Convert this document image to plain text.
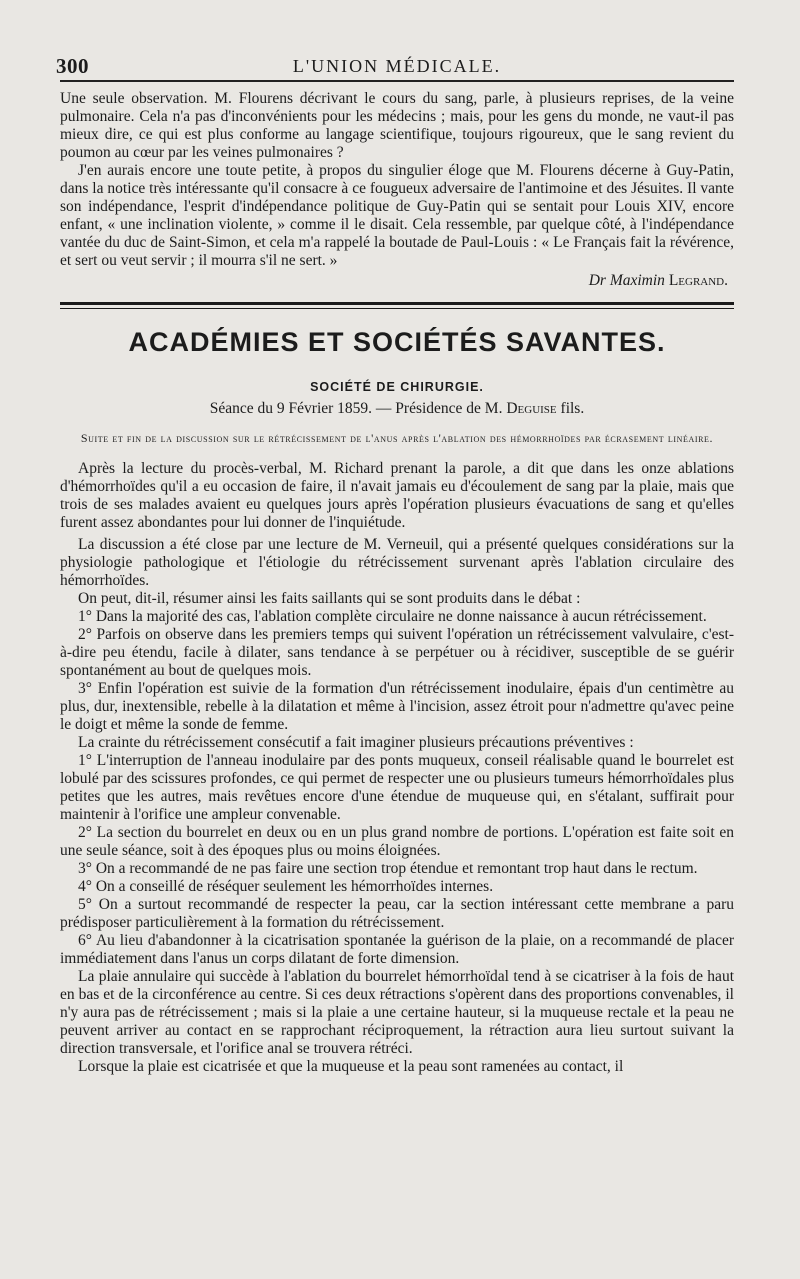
300	L'UNION MÉDICALE.

Une seule observation. M. Flourens décrivant le cours du sang, parle, à plusieurs reprises, de la veine pulmonaire. Cela n'a pas d'inconvénients pour les médecins ; mais, pour les gens du monde, ne vaut-il pas mieux dire, ce qui est plus conforme au langage scientifique, toujours rigoureux, que le sang revient du poumon au cœur par les veines pulmonaires ?

J'en aurais encore une toute petite, à propos du singulier éloge que M. Flourens décerne à Guy-Patin, dans la notice très intéressante qu'il consacre à ce fougueux adversaire de l'antimoine et des Jésuites. Il vante son indépendance, l'esprit d'indépendance politique de Guy-Patin qui se sentait pour Louis XIV, encore enfant, « une inclination violente, » comme il le disait. Cela ressemble, par quelque côté, à l'indépendance vantée du duc de Saint-Simon, et cela m'a rappelé la boutade de Paul-Louis : « Le Français fait la révérence, et sert ou veut servir ; il mourra s'il ne sert. »

Dr Maximin Legrand.
ACADÉMIES ET SOCIÉTÉS SAVANTES.
SOCIÉTÉ DE CHIRURGIE.
Séance du 9 Février 1859. — Présidence de M. Deguise fils.
Suite et fin de la discussion sur le rétrécissement de l'anus après l'ablation des hémorrhoïdes par écrasement linéaire.

Après la lecture du procès-verbal, M. Richard prenant la parole, a dit que dans les onze ablations d'hémorrhoïdes qu'il a eu occasion de faire, il n'avait jamais eu d'écoulement de sang par la plaie, mais que trois de ses malades avaient eu quelques jours après l'opération plusieurs évacuations de sang et qu'elles furent assez abondantes pour lui donner de l'inquiétude.

La discussion a été close par une lecture de M. Verneuil, qui a présenté quelques considérations sur la physiologie pathologique et l'étiologie du rétrécissement survenant après l'ablation circulaire des hémorrhoïdes.

On peut, dit-il, résumer ainsi les faits saillants qui se sont produits dans le débat :

1° Dans la majorité des cas, l'ablation complète circulaire ne donne naissance à aucun rétrécissement.

2° Parfois on observe dans les premiers temps qui suivent l'opération un rétrécissement valvulaire, c'est-à-dire peu étendu, facile à dilater, sans tendance à se perpétuer ou à récidiver, susceptible de se guérir spontanément au bout de quelques mois.

3° Enfin l'opération est suivie de la formation d'un rétrécissement inodulaire, épais d'un centimètre au plus, dur, inextensible, rebelle à la dilatation et même à l'incision, assez étroit pour n'admettre qu'avec peine le doigt et même la sonde de femme.

La crainte du rétrécissement consécutif a fait imaginer plusieurs précautions préventives :

1° L'interruption de l'anneau inodulaire par des ponts muqueux, conseil réalisable quand le bourrelet est lobulé par des scissures profondes, ce qui permet de respecter une ou plusieurs tumeurs hémorrhoïdales plus petites que les autres, mais revêtues encore d'une étendue de muqueuse qui, en s'étalant, suffirait pour maintenir à l'orifice une ampleur convenable.

2° La section du bourrelet en deux ou en un plus grand nombre de portions. L'opération est faite soit en une seule séance, soit à des époques plus ou moins éloignées.

3° On a recommandé de ne pas faire une section trop étendue et remontant trop haut dans le rectum.

4° On a conseillé de réséquer seulement les hémorrhoïdes internes.

5° On a surtout recommandé de respecter la peau, car la section intéressant cette membrane a paru prédisposer particulièrement à la formation du rétrécissement.

6° Au lieu d'abandonner à la cicatrisation spontanée la guérison de la plaie, on a recommandé de placer immédiatement dans l'anus un corps dilatant de forte dimension.

La plaie annulaire qui succède à l'ablation du bourrelet hémorrhoïdal tend à se cicatriser à la fois de haut en bas et de la circonférence au centre. Si ces deux rétractions s'opèrent dans des proportions convenables, il n'y aura pas de rétrécissement ; mais si la plaie a une certaine hauteur, si la muqueuse rectale et la peau ne peuvent arriver au contact en se rapprochant réciproquement, la rétraction aura lieu surtout suivant la direction transversale, et l'orifice anal se trouvera rétréci.

Lorsque la plaie est cicatrisée et que la muqueuse et la peau sont ramenées au contact, il
